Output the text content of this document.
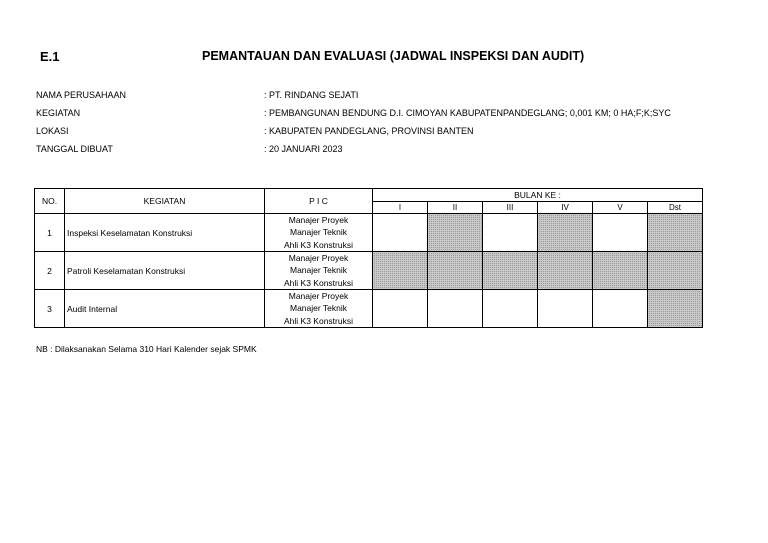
E.1	PEMANTAUAN DAN EVALUASI (JADWAL INSPEKSI DAN AUDIT)
NAMA PERUSAHAAN	: PT. RINDANG SEJATI
KEGIATAN	: PEMBANGUNAN BENDUNG D.I. CIMOYAN KABUPATENPANDEGLANG; 0,001 KM; 0 HA;F;K;SYC
LOKASI	: KABUPATEN PANDEGLANG, PROVINSI BANTEN
TANGGAL DIBUAT	: 20 JANUARI 2023
NO.	KEGIATAN	P I C	BULAN KE :					
			I	II	III	IV	V	Dst
1	Inspeksi Keselamatan Konstruksi	Manajer Proyek
Manajer Teknik
Ahli K3 Konstruksi						

2	Patroli Keselamatan Konstruksi	Manajer Proyek
Manajer Teknik
Ahli K3 Konstruksi						

3	Audit Internal	Manajer Proyek
Manajer Teknik
Ahli K3 Konstruksi						

NB : Dilaksanakan Selama 310 Hari Kalender sejak SPMK
